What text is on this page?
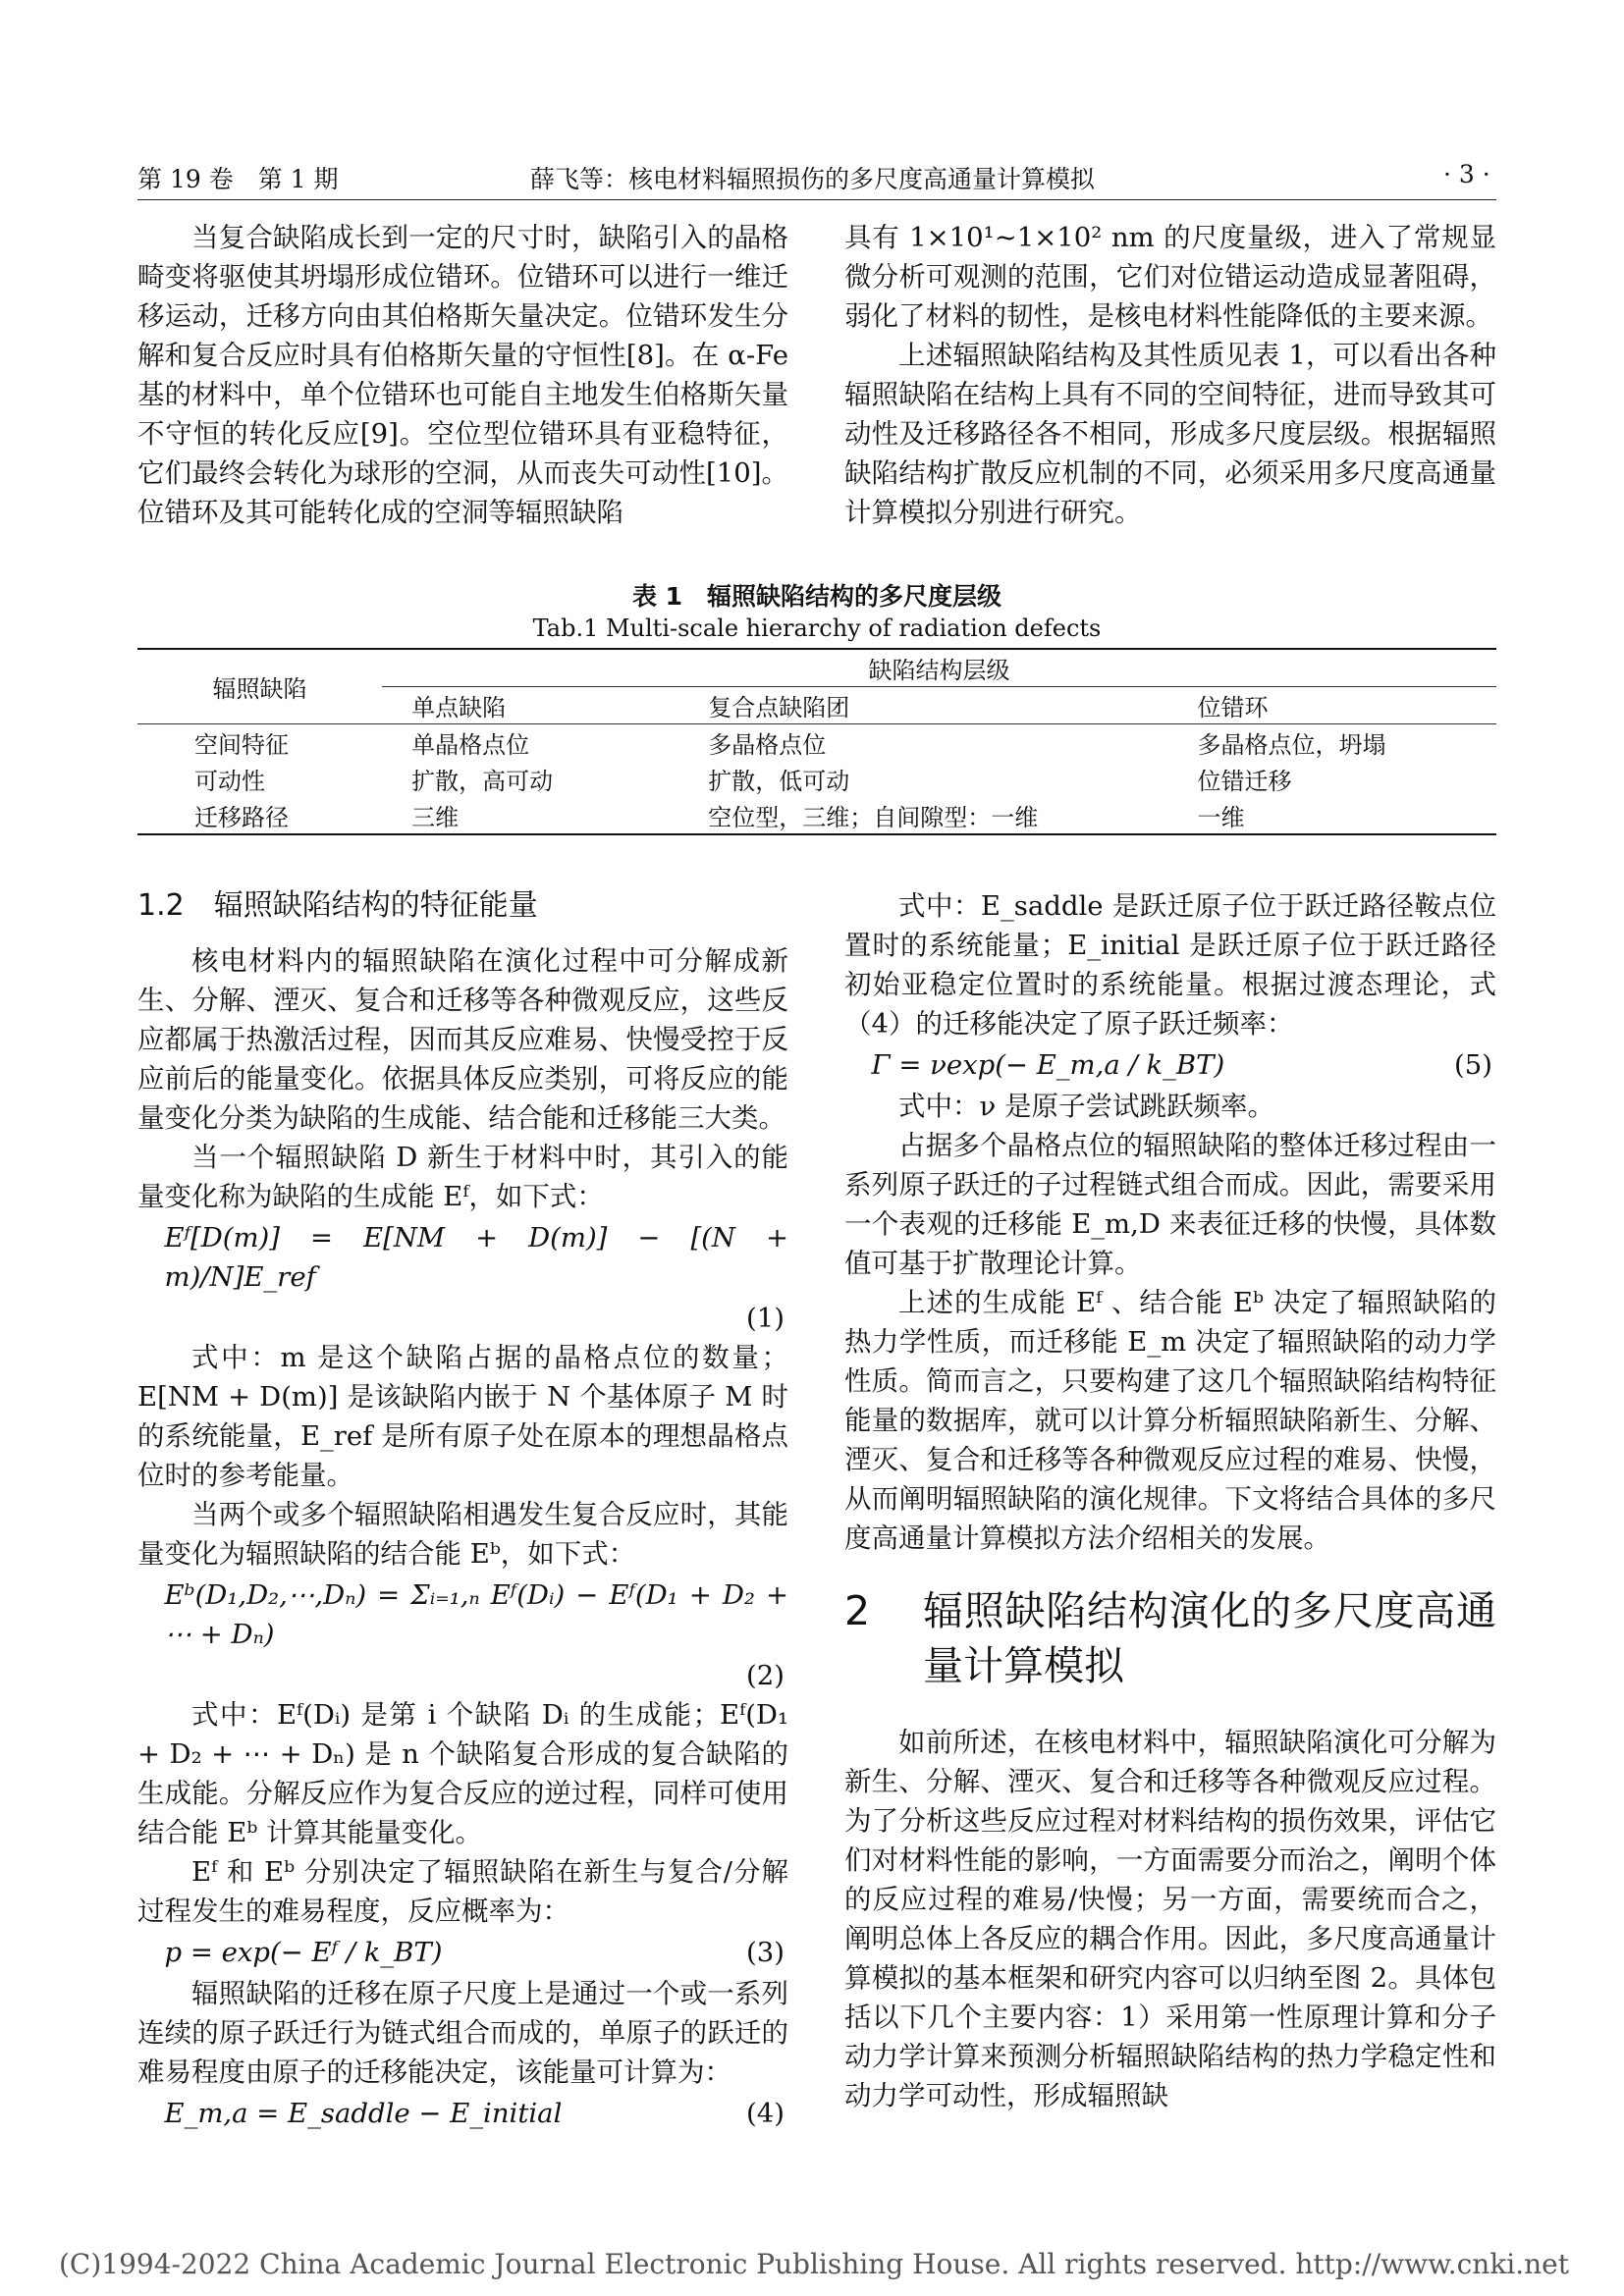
第 19 卷　第 1 期	薛飞等：核电材料辐照损伤的多尺度高通量计算模拟	· 3 ·

当复合缺陷成长到一定的尺寸时，缺陷引入的晶格畸变将驱使其坍塌形成位错环。位错环可以进行一维迁移运动，迁移方向由其伯格斯矢量决定。位错环发生分解和复合反应时具有伯格斯矢量的守恒性[8]。在 α-Fe 基的材料中，单个位错环也可能自主地发生伯格斯矢量不守恒的转化反应[9]。空位型位错环具有亚稳特征，它们最终会转化为球形的空洞，从而丧失可动性[10]。位错环及其可能转化成的空洞等辐照缺陷

具有 1×10¹~1×10² nm 的尺度量级，进入了常规显微分析可观测的范围，它们对位错运动造成显著阻碍，弱化了材料的韧性，是核电材料性能降低的主要来源。

上述辐照缺陷结构及其性质见表 1，可以看出各种辐照缺陷在结构上具有不同的空间特征，进而导致其可动性及迁移路径各不相同，形成多尺度层级。根据辐照缺陷结构扩散反应机制的不同，必须采用多尺度高通量计算模拟分别进行研究。

表 1　辐照缺陷结构的多尺度层级
Tab.1 Multi-scale hierarchy of radiation defects
辐照缺陷	缺陷结构层级		
	单点缺陷	复合点缺陷团	位错环
空间特征	单晶格点位	多晶格点位	多晶格点位，坍塌
可动性	扩散，高可动	扩散，低可动	位错迁移
迁移路径	三维	空位型，三维；自间隙型：一维	一维
1.2　辐照缺陷结构的特征能量

核电材料内的辐照缺陷在演化过程中可分解成新生、分解、湮灭、复合和迁移等各种微观反应，这些反应都属于热激活过程，因而其反应难易、快慢受控于反应前后的能量变化。依据具体反应类别，可将反应的能量变化分类为缺陷的生成能、结合能和迁移能三大类。

当一个辐照缺陷 D 新生于材料中时，其引入的能量变化称为缺陷的生成能 Eᶠ，如下式：

Eᶠ[D(m)] = E[NM + D(m)] − [(N + m)/N]E_ref
(1)

式中：m 是这个缺陷占据的晶格点位的数量；E[NM + D(m)] 是该缺陷内嵌于 N 个基体原子 M 时的系统能量，E_ref 是所有原子处在原本的理想晶格点位时的参考能量。

当两个或多个辐照缺陷相遇发生复合反应时，其能量变化为辐照缺陷的结合能 Eᵇ，如下式：

Eᵇ(D₁,D₂,⋯,Dₙ) = Σᵢ₌₁,ₙ Eᶠ(Dᵢ) − Eᶠ(D₁ + D₂ + ⋯ + Dₙ)
(2)

式中：Eᶠ(Dᵢ) 是第 i 个缺陷 Dᵢ 的生成能；Eᶠ(D₁ + D₂ + ⋯ + Dₙ) 是 n 个缺陷复合形成的复合缺陷的生成能。分解反应作为复合反应的逆过程，同样可使用结合能 Eᵇ 计算其能量变化。

Eᶠ 和 Eᵇ 分别决定了辐照缺陷在新生与复合/分解过程发生的难易程度，反应概率为：

p = exp(− Eᶠ / k_BT)	(3)

辐照缺陷的迁移在原子尺度上是通过一个或一系列连续的原子跃迁行为链式组合而成的，单原子的跃迁的难易程度由原子的迁移能决定，该能量可计算为：

E_m,a = E_saddle − E_initial	(4)

式中：E_saddle 是跃迁原子位于跃迁路径鞍点位置时的系统能量；E_initial 是跃迁原子位于跃迁路径初始亚稳定位置时的系统能量。根据过渡态理论，式（4）的迁移能决定了原子跃迁频率：

Γ = νexp(− E_m,a / k_BT)	(5)

式中：ν 是原子尝试跳跃频率。

占据多个晶格点位的辐照缺陷的整体迁移过程由一系列原子跃迁的子过程链式组合而成。因此，需要采用一个表观的迁移能 E_m,D 来表征迁移的快慢，具体数值可基于扩散理论计算。

上述的生成能 Eᶠ 、结合能 Eᵇ 决定了辐照缺陷的热力学性质，而迁移能 E_m 决定了辐照缺陷的动力学性质。简而言之，只要构建了这几个辐照缺陷结构特征能量的数据库，就可以计算分析辐照缺陷新生、分解、湮灭、复合和迁移等各种微观反应过程的难易、快慢，从而阐明辐照缺陷的演化规律。下文将结合具体的多尺度高通量计算模拟方法介绍相关的发展。

2	辐照缺陷结构演化的多尺度高通量计算模拟

如前所述，在核电材料中，辐照缺陷演化可分解为新生、分解、湮灭、复合和迁移等各种微观反应过程。为了分析这些反应过程对材料结构的损伤效果，评估它们对材料性能的影响，一方面需要分而治之，阐明个体的反应过程的难易/快慢；另一方面，需要统而合之，阐明总体上各反应的耦合作用。因此，多尺度高通量计算模拟的基本框架和研究内容可以归纳至图 2。具体包括以下几个主要内容：1）采用第一性原理计算和分子动力学计算来预测分析辐照缺陷结构的热力学稳定性和动力学可动性，形成辐照缺

(C)1994-2022 China Academic Journal Electronic Publishing House. All rights reserved. http://www.cnki.net
